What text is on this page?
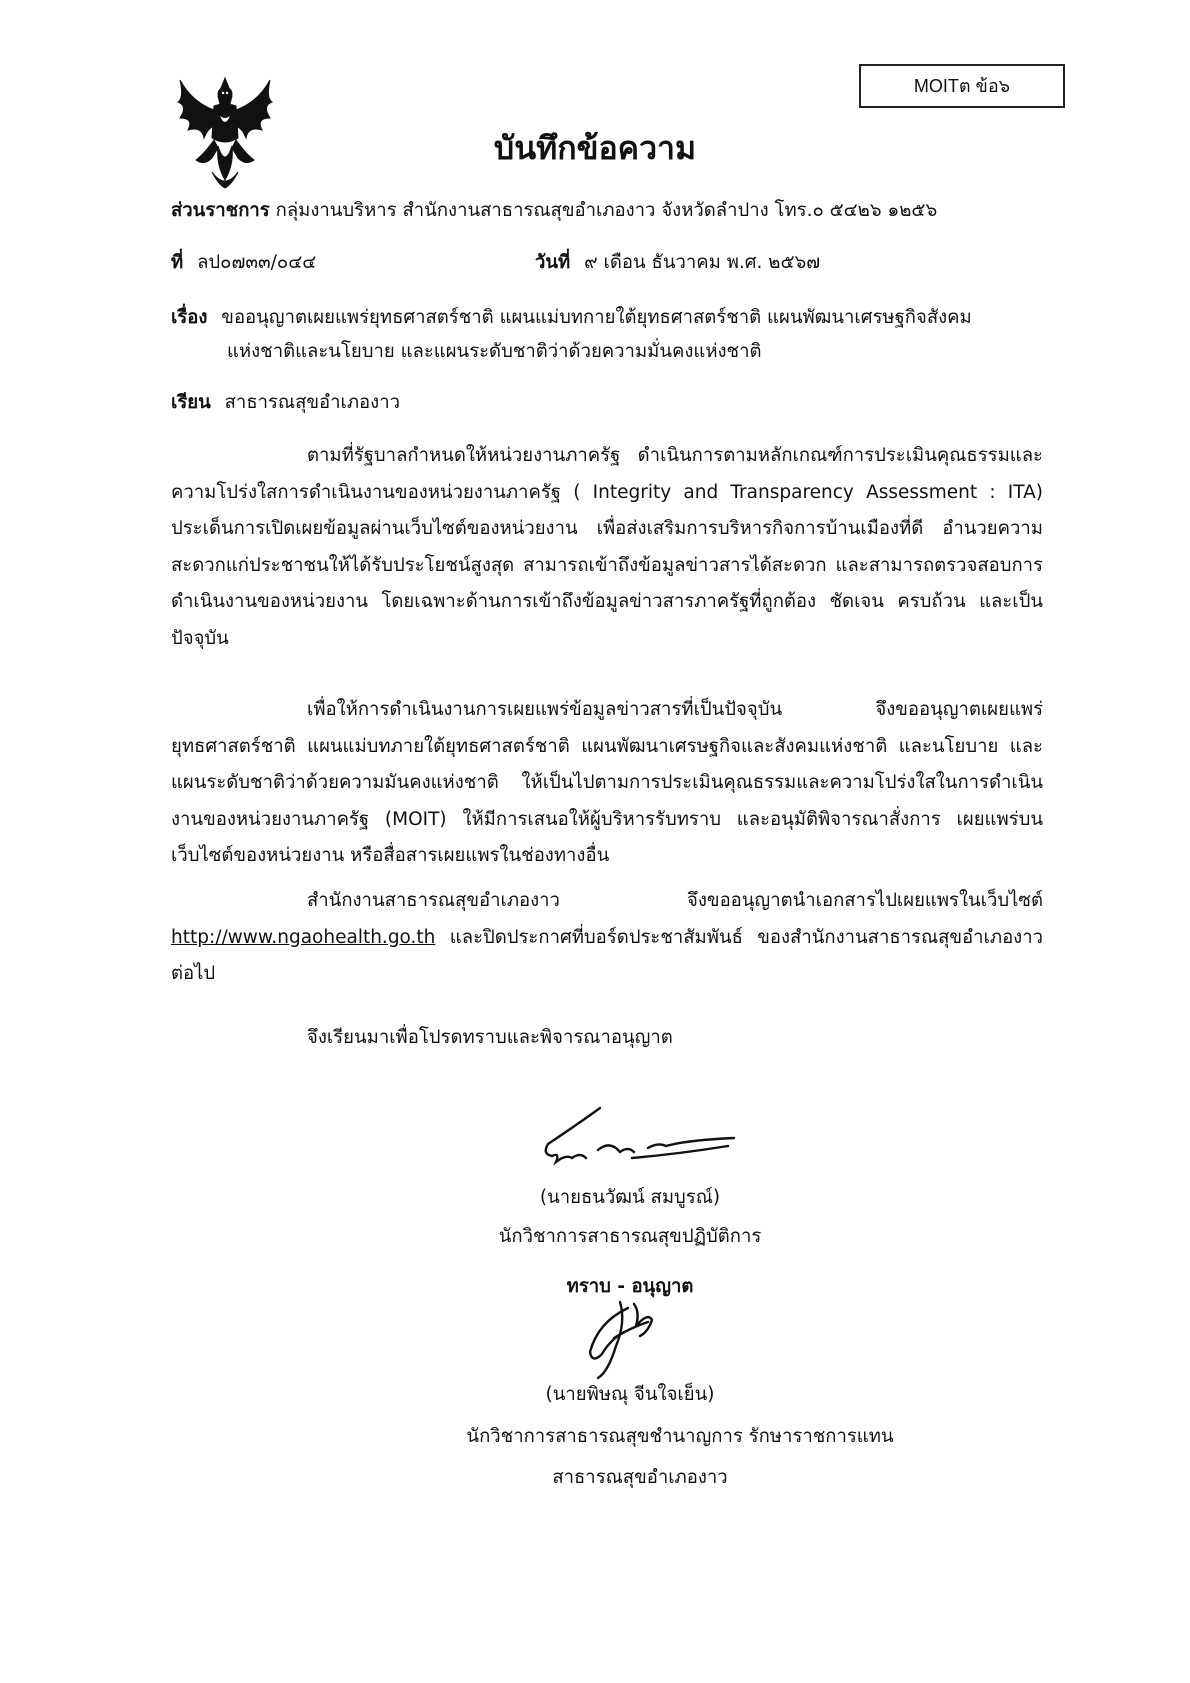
MOITต ข้อ๖
บันทึกข้อความ
ส่วนราชการ กลุ่มงานบริหาร สำนักงานสาธารณสุขอำเภองาว จังหวัดลำปาง โทร.๐ ๕๔๒๖ ๑๒๕๖
ที่ ลป๐๗๓๓/๐๔๔	วันที่ ๙ เดือน ธันวาคม พ.ศ. ๒๕๖๗
เรื่อง ขออนุญาตเผยแพร่ยุทธศาสตร์ชาติ แผนแม่บทกายใต้ยุทธศาสตร์ชาติ แผนพัฒนาเศรษฐกิจสังคม
แห่งชาติและนโยบาย และแผนระดับชาติว่าด้วยความมั่นคงแห่งชาติ
เรียน สาธารณสุขอำเภองาว
ตามที่รัฐบาลกำหนดให้หน่วยงานภาครัฐ ดำเนินการตามหลักเกณฑ์การประเมินคุณธรรมและความโปร่งใสการดำเนินงานของหน่วยงานภาครัฐ ( Integrity and Transparency Assessment : ITA) ประเด็นการเปิดเผยข้อมูลผ่านเว็บไซต์ของหน่วยงาน เพื่อส่งเสริมการบริหารกิจการบ้านเมืองที่ดี อำนวยความสะดวกแก่ประชาชนให้ได้รับประโยชน์สูงสุด สามารถเข้าถึงข้อมูลข่าวสารได้สะดวก และสามารถตรวจสอบการดำเนินงานของหน่วยงาน โดยเฉพาะด้านการเข้าถึงข้อมูลข่าวสารภาครัฐที่ถูกต้อง ชัดเจน ครบถ้วน และเป็นปัจจุบัน
เพื่อให้การดำเนินงานการเผยแพร่ข้อมูลข่าวสารที่เป็นปัจจุบัน จึงขออนุญาตเผยแพร่ยุทธศาสตร์ชาติ แผนแม่บทภายใต้ยุทธศาสตร์ชาติ แผนพัฒนาเศรษฐกิจและสังคมแห่งชาติ และนโยบาย และแผนระดับชาติว่าด้วยความมันคงแห่งชาติ ให้เป็นไปตามการประเมินคุณธรรมและความโปร่งใสในการดำเนินงานของหน่วยงานภาครัฐ (MOIT) ให้มีการเสนอให้ผู้บริหารรับทราบ และอนุมัติพิจารณาสั่งการ เผยแพร่บนเว็บไซต์ของหน่วยงาน หรือสื่อสารเผยแพรในช่องทางอื่น
สำนักงานสาธารณสุขอำเภองาว จึงขออนุญาตนำเอกสารไปเผยแพรในเว็บไซต์ http://www.ngaohealth.go.th และปิดประกาศที่บอร์ดประชาสัมพันธ์ ของสำนักงานสาธารณสุขอำเภองาว ต่อไป
จึงเรียนมาเพื่อโปรดทราบและพิจารณาอนุญาต
(นายธนวัฒน์ สมบูรณ์)
นักวิชาการสาธารณสุขปฏิบัติการ
ทราบ - อนุญาต
(นายพิษณุ จีนใจเย็น)
นักวิชาการสาธารณสุขชำนาญการ รักษาราชการแทน
สาธารณสุขอำเภองาว
